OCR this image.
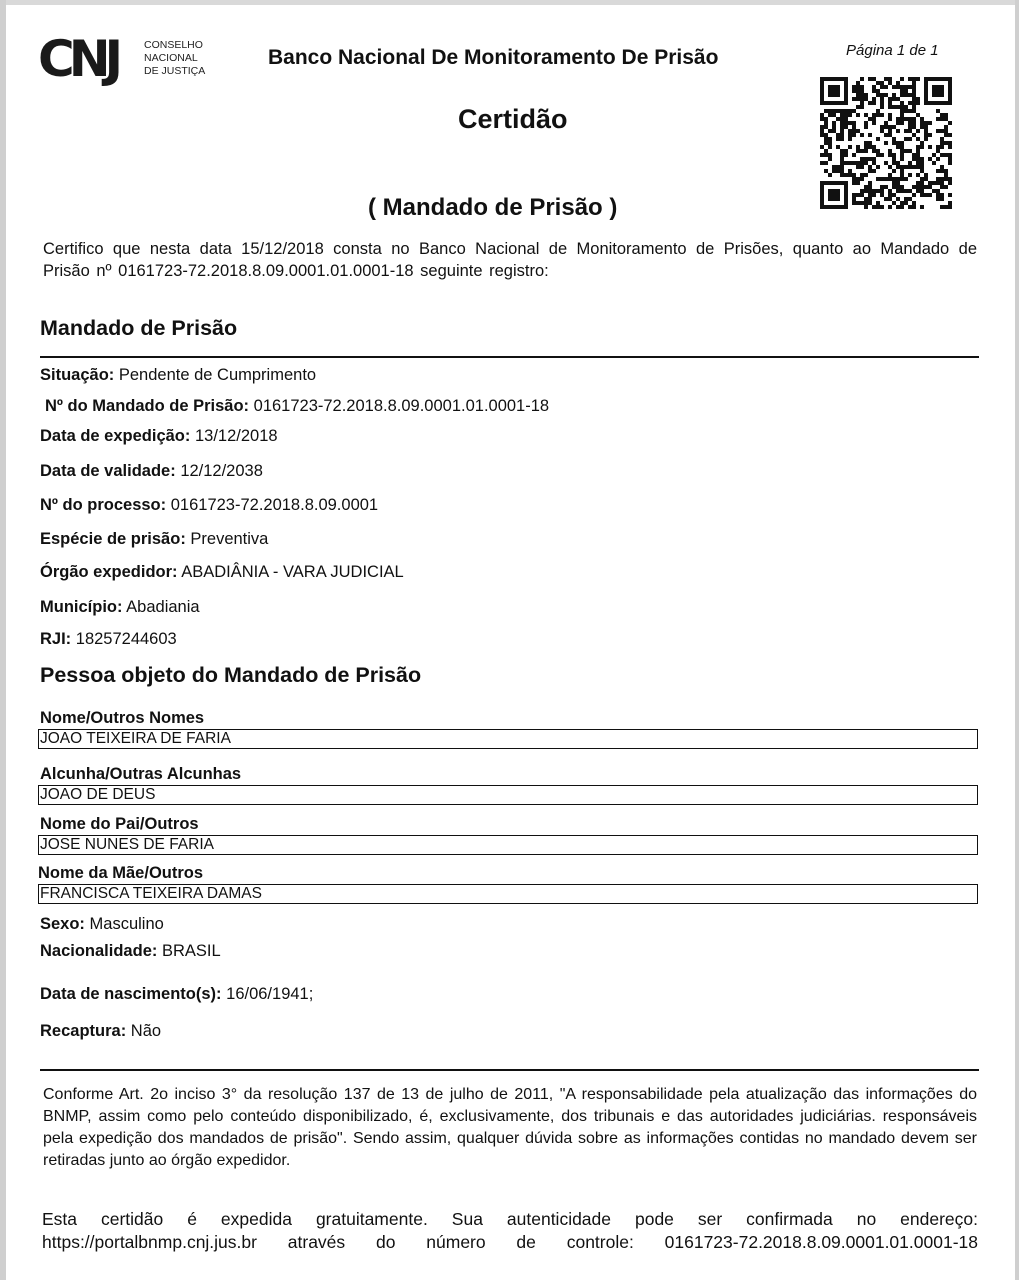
CNJ	CONSELHO
NACIONAL
DE JUSTIÇA
Banco Nacional De Monitoramento De Prisão	Página 1 de 1
Certidão
( Mandado de Prisão )
Certifico que nesta data 15/12/2018 consta no Banco Nacional de Monitoramento de Prisões, quanto ao Mandado de Prisão nº 0161723-72.2018.8.09.0001.01.0001-18 seguinte registro:
Mandado de Prisão
Situação: Pendente de Cumprimento
Nº do Mandado de Prisão: 0161723-72.2018.8.09.0001.01.0001-18
Data de expedição: 13/12/2018
Data de validade: 12/12/2038
Nº do processo: 0161723-72.2018.8.09.0001
Espécie de prisão: Preventiva
Órgão expedidor: ABADIÂNIA - VARA JUDICIAL
Município: Abadiania
RJI: 18257244603
Pessoa objeto do Mandado de Prisão
Nome/Outros Nomes
JOAO TEIXEIRA DE FARIA
Alcunha/Outras Alcunhas
JOAO DE DEUS
Nome do Pai/Outros
JOSE NUNES DE FARIA
Nome da Mãe/Outros
FRANCISCA TEIXEIRA DAMAS
Sexo: Masculino
Nacionalidade: BRASIL
Data de nascimento(s): 16/06/1941;
Recaptura: Não
Conforme Art. 2o inciso 3° da resolução 137 de 13 de julho de 2011, "A responsabilidade pela atualização das informações do BNMP, assim como pelo conteúdo disponibilizado, é, exclusivamente, dos tribunais e das autoridades judiciárias. responsáveis pela expedição dos mandados de prisão". Sendo assim, qualquer dúvida sobre as informações contidas no mandado devem ser retiradas junto ao órgão expedidor.
Esta certidão é expedida gratuitamente. Sua autenticidade pode ser confirmada no endereço: https://portalbnmp.cnj.jus.br através do número de controle: 0161723-72.2018.8.09.0001.01.0001-18
